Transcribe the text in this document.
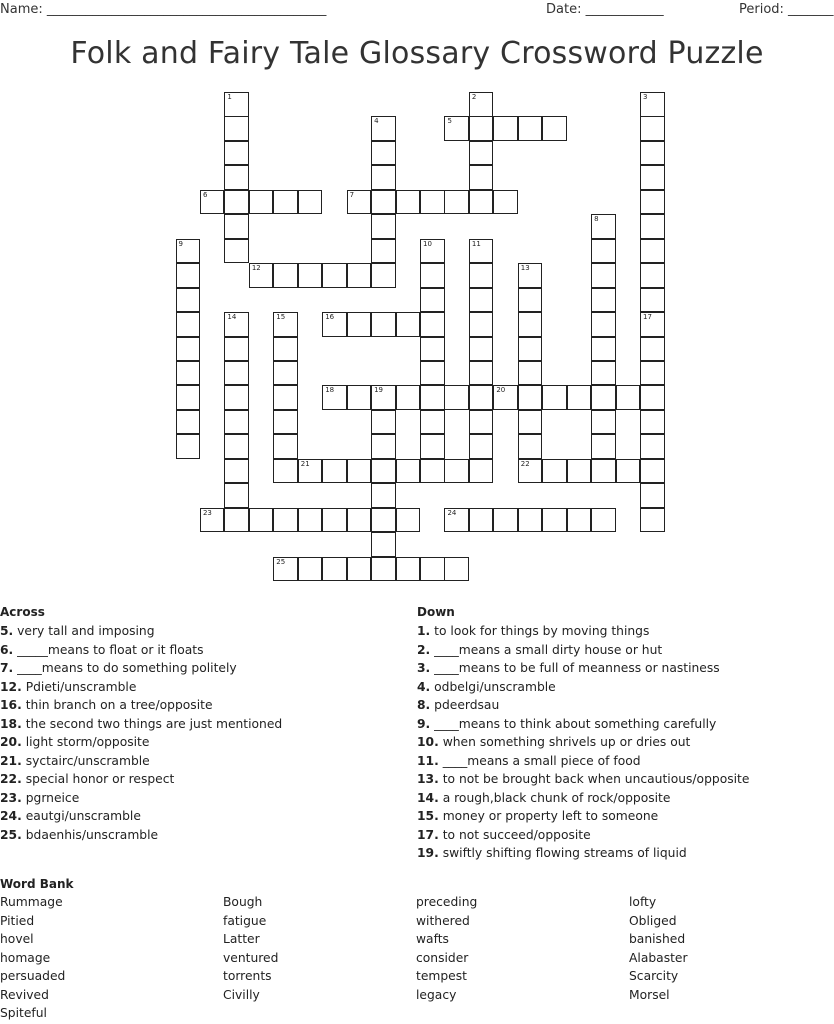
Name: ___________________________________________	Date: ____________	Period: _______
Folk and Fairy Tale Glossary Crossword Puzzle
1	2	3
4	5
6	7
8
9	10	11
12	13
14	15	16	17
18	19	20
21	22
23	24
25
Across
5. very tall and imposing
6. _____means to float or it floats
7. ____means to do something politely
12. Pdieti/unscramble
16. thin branch on a tree/opposite
18. the second two things are just mentioned
20. light storm/opposite
21. syctairc/unscramble
22. special honor or respect
23. pgrneice
24. eautgi/unscramble
25. bdaenhis/unscramble
Down
1. to look for things by moving things
2. ____means a small dirty house or hut
3. ____means to be full of meanness or nastiness
4. odbelgi/unscramble
8. pdeerdsau
9. ____means to think about something carefully
10. when something shrivels up or dries out
11. ____means a small piece of food
13. to not be brought back when uncautious/opposite
14. a rough,black chunk of rock/opposite
15. money or property left to someone
17. to not succeed/opposite
19. swiftly shifting flowing streams of liquid
Word Bank
Rummage
Pitied
hovel
homage
persuaded
Revived
Spiteful
Bough
fatigue
Latter
ventured
torrents
Civilly
preceding
withered
wafts
consider
tempest
legacy
lofty
Obliged
banished
Alabaster
Scarcity
Morsel
